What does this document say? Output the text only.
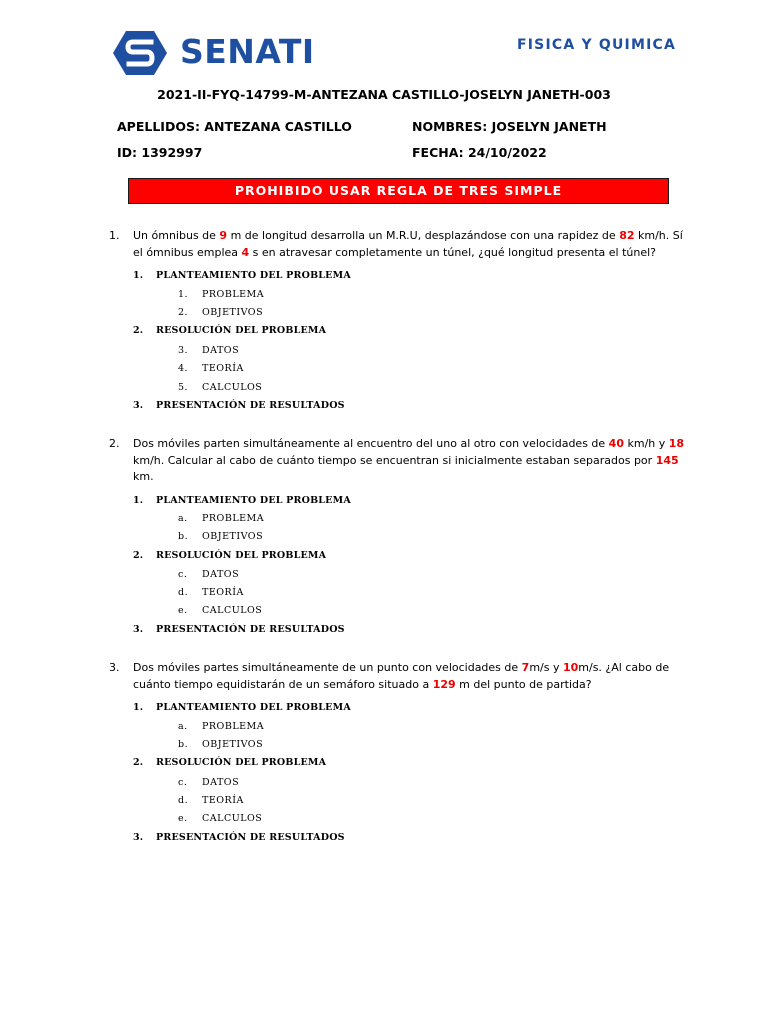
SENATI	FISICA Y QUIMICA
2021-II-FYQ-14799-M-ANTEZANA CASTILLO-JOSELYN JANETH-003
APELLIDOS: ANTEZANA CASTILLO	NOMBRES: JOSELYN JANETH
ID: 1392997	FECHA: 24/10/2022
PROHIBIDO USAR REGLA DE TRES SIMPLE
1. Un ómnibus de 9 m de longitud desarrolla un M.R.U, desplazándose con una rapidez de 82 km/h. Sí
el ómnibus emplea 4 s en atravesar completamente un túnel, ¿qué longitud presenta el túnel?
1. PLANTEAMIENTO DEL PROBLEMA
1. PROBLEMA
2. OBJETIVOS
2. RESOLUCIÓN DEL PROBLEMA
3. DATOS
4. TEORÍA
5. CALCULOS
3. PRESENTACIÓN DE RESULTADOS
2. Dos móviles parten simultáneamente al encuentro del uno al otro con velocidades de 40 km/h y 18
km/h. Calcular al cabo de cuánto tiempo se encuentran si inicialmente estaban separados por 145
km.
1. PLANTEAMIENTO DEL PROBLEMA
a. PROBLEMA
b. OBJETIVOS
2. RESOLUCIÓN DEL PROBLEMA
c. DATOS
d. TEORÍA
e. CALCULOS
3. PRESENTACIÓN DE RESULTADOS
3. Dos móviles partes simultáneamente de un punto con velocidades de 7m/s y 10m/s. ¿Al cabo de
cuánto tiempo equidistarán de un semáforo situado a 129 m del punto de partida?
1. PLANTEAMIENTO DEL PROBLEMA
a. PROBLEMA
b. OBJETIVOS
2. RESOLUCIÓN DEL PROBLEMA
c. DATOS
d. TEORÍA
e. CALCULOS
3. PRESENTACIÓN DE RESULTADOS
